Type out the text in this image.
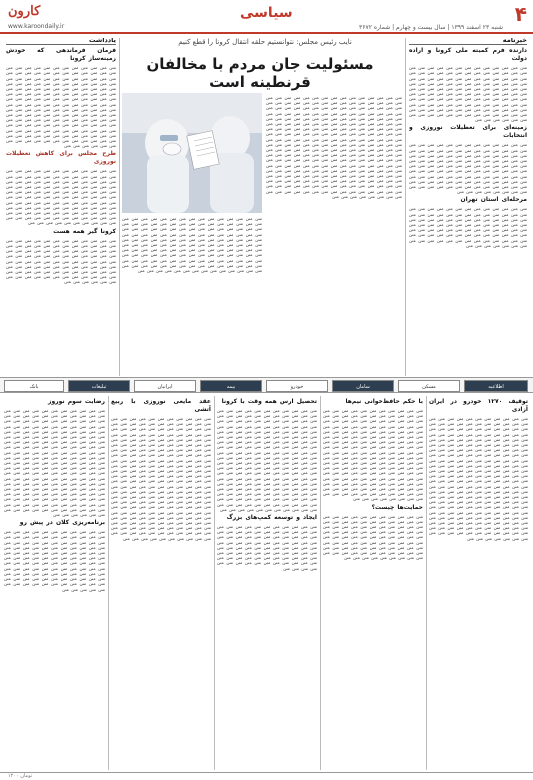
۴
سیاسی
کارون
www.karoondaily.ir	شنبه ۲۳ اسفند ۱۳۹۹ | سال بیست و چهارم | شماره ۳۶۷۲
یادداشت
فرمان فرماندهی که خودش زمینه‌ساز کرونا

متن متن متن متن متن متن متن متن متن متن متن متن متن متن متن متن متن متن متن متن متن متن متن متن متن متن متن متن متن متن متن متن متن متن متن متن متن متن متن متن متن متن متن متن متن متن متن متن متن متن متن متن متن متن متن متن متن متن متن متن متن متن متن متن متن متن متن متن متن متن متن متن متن متن متن متن متن متن متن متن متن متن متن متن متن متن متن متن متن متن متن متن متن متن متن متن متن متن متن متن متن متن متن متن متن متن متن متن متن متن متن متن متن متن متن متن متن متن متن متن متن متن متن متن متن متن متن متن متن متن متن متن متن متن متن متن متن متن متن متن متن متن متن متن متن متن متن متن متن متن متن متن متن متن متن متن متن متن متن متن متن متن متن متن متن متن متن متن متن متن متن متن متن متن متن متن متن متن متن متن متن متن متن متن متن متن

طرح مجلس برای کاهش تعطیلات نوروزی

متن متن متن متن متن متن متن متن متن متن متن متن متن متن متن متن متن متن متن متن متن متن متن متن متن متن متن متن متن متن متن متن متن متن متن متن متن متن متن متن متن متن متن متن متن متن متن متن متن متن متن متن متن متن متن متن متن متن متن متن متن متن متن متن متن متن متن متن متن متن متن متن متن متن متن متن متن متن متن متن متن متن متن متن متن متن متن متن متن متن متن متن متن متن متن متن متن متن متن متن متن متن متن متن متن متن متن متن متن متن متن متن متن متن متن متن متن متن متن متن متن متن متن متن متن متن متن متن متن متن

کرونا گیر همه هست

متن متن متن متن متن متن متن متن متن متن متن متن متن متن متن متن متن متن متن متن متن متن متن متن متن متن متن متن متن متن متن متن متن متن متن متن متن متن متن متن متن متن متن متن متن متن متن متن متن متن متن متن متن متن متن متن متن متن متن متن متن متن متن متن متن متن متن متن متن متن متن متن متن متن متن متن متن متن متن متن متن متن متن متن متن متن متن متن متن متن متن متن متن متن متن متن متن متن متن متن متن متن

خبرنامه
دارنده فرم کمیته ملی کرونا و اراده دولت

متن متن متن متن متن متن متن متن متن متن متن متن متن متن متن متن متن متن متن متن متن متن متن متن متن متن متن متن متن متن متن متن متن متن متن متن متن متن متن متن متن متن متن متن متن متن متن متن متن متن متن متن متن متن متن متن متن متن متن متن متن متن متن متن متن متن متن متن متن متن متن متن متن متن متن متن متن متن متن متن متن متن متن متن متن متن متن متن متن متن متن متن متن متن متن متن متن متن متن متن متن متن متن متن متن متن متن متن متن متن متن متن متن متن متن متن متن متن متن متن متن متن متن متن متن متن متن متن متن متن متن متن متن متن متن متن

زمینه‌ای برای تعطیلات نوروزی و انتخابات

متن متن متن متن متن متن متن متن متن متن متن متن متن متن متن متن متن متن متن متن متن متن متن متن متن متن متن متن متن متن متن متن متن متن متن متن متن متن متن متن متن متن متن متن متن متن متن متن متن متن متن متن متن متن متن متن متن متن متن متن متن متن متن متن متن متن متن متن متن متن متن متن متن متن متن متن متن متن متن متن متن متن متن متن متن متن متن متن متن متن متن متن متن متن متن متن متن متن متن متن متن متن متن متن متن متن متن متن متن متن متن متن متن متن متن متن متن متن متن متن متن متن متن متن متن

مرحله‌ای استان تهران

متن متن متن متن متن متن متن متن متن متن متن متن متن متن متن متن متن متن متن متن متن متن متن متن متن متن متن متن متن متن متن متن متن متن متن متن متن متن متن متن متن متن متن متن متن متن متن متن متن متن متن متن متن متن متن متن متن متن متن متن متن متن متن متن متن متن متن متن متن متن متن متن متن متن متن متن متن متن متن متن متن متن متن متن متن متن متن متن متن متن متن متن متن متن متن متن متن متن

نایب رئیس مجلس: نتوانستیم حلقه انتقال کرونا را قطع کنیم
مسئولیت جان مردم با مخالفان قرنطینه است

متن متن متن متن متن متن متن متن متن متن متن متن متن متن متن متن متن متن متن متن متن متن متن متن متن متن متن متن متن متن متن متن متن متن متن متن متن متن متن متن متن متن متن متن متن متن متن متن متن متن متن متن متن متن متن متن متن متن متن متن متن متن متن متن متن متن متن متن متن متن متن متن متن متن متن متن متن متن متن متن متن متن متن متن متن متن متن متن متن متن متن متن متن متن متن متن متن متن متن متن متن متن متن متن متن متن متن متن متن متن متن متن متن متن متن متن متن متن متن متن متن متن متن متن متن متن متن متن متن متن متن متن متن متن متن متن متن متن متن متن متن متن متن متن متن متن متن متن متن متن متن متن متن متن متن متن متن متن متن متن متن متن متن متن متن متن متن متن متن متن متن متن متن متن متن متن متن متن متن متن متن متن متن متن متن متن متن متن متن متن متن متن متن متن متن متن متن متن متن متن متن متن متن متن متن متن متن متن متن متن متن متن متن متن متن متن متن متن متن متن متن متن متن متن متن متن متن متن متن متن متن متن متن متن متن متن متن متن متن متن متن متن متن متن متن متن متن متن متن متن متن متن متن متن متن متن متن متن متن متن متن متن متن متن متن متن متن متن متن متن متن متن متن متن متن متن متن متن متن متن متن متن متن متن متن متن متن متن متن متن متن متن متن

متن متن متن متن متن متن متن متن متن متن متن متن متن متن متن متن متن متن متن متن متن متن متن متن متن متن متن متن متن متن متن متن متن متن متن متن متن متن متن متن متن متن متن متن متن متن متن متن متن متن متن متن متن متن متن متن متن متن متن متن متن متن متن متن متن متن متن متن متن متن متن متن متن متن متن متن متن متن متن متن متن متن متن متن متن متن متن متن متن متن متن متن متن متن متن متن متن متن متن متن متن متن متن متن متن متن متن متن متن متن متن متن متن متن متن متن متن متن متن متن متن متن متن متن متن متن متن متن متن متن متن متن متن متن متن متن متن متن متن متن متن متن متن متن متن متن متن متن متن متن متن متن متن متن متن متن متن متن متن متن متن متن متن متن

بانک	تبلیغات	ایرانیان	بیمه	خودرو	سامان	مسکن	اطلاعیه
رضایت سوم نوروز

متن متن متن متن متن متن متن متن متن متن متن متن متن متن متن متن متن متن متن متن متن متن متن متن متن متن متن متن متن متن متن متن متن متن متن متن متن متن متن متن متن متن متن متن متن متن متن متن متن متن متن متن متن متن متن متن متن متن متن متن متن متن متن متن متن متن متن متن متن متن متن متن متن متن متن متن متن متن متن متن متن متن متن متن متن متن متن متن متن متن متن متن متن متن متن متن متن متن متن متن متن متن متن متن متن متن متن متن متن متن متن متن متن متن متن متن متن متن متن متن متن متن متن متن متن متن متن متن متن متن متن متن متن متن متن متن متن متن متن متن متن متن متن متن متن متن متن متن متن متن متن متن متن متن متن متن متن متن متن متن متن متن متن متن متن متن متن متن متن متن متن متن متن متن متن متن متن متن متن متن متن متن متن متن متن متن متن متن متن متن متن متن متن متن متن متن متن متن متن متن متن متن متن متن متن متن متن متن متن متن متن متن متن متن متن متن متن متن متن متن متن متن متن متن متن متن

برنامه‌ریزی کلان در پیش رو

متن متن متن متن متن متن متن متن متن متن متن متن متن متن متن متن متن متن متن متن متن متن متن متن متن متن متن متن متن متن متن متن متن متن متن متن متن متن متن متن متن متن متن متن متن متن متن متن متن متن متن متن متن متن متن متن متن متن متن متن متن متن متن متن متن متن متن متن متن متن متن متن متن متن متن متن متن متن متن متن متن متن متن متن متن متن متن متن متن متن متن متن متن متن متن متن متن متن متن متن متن متن متن متن متن متن متن متن متن متن متن متن متن متن متن متن متن متن متن متن متن متن متن متن متن متن

عقد مایعی نوروزی با ربیع آتشی

متن متن متن متن متن متن متن متن متن متن متن متن متن متن متن متن متن متن متن متن متن متن متن متن متن متن متن متن متن متن متن متن متن متن متن متن متن متن متن متن متن متن متن متن متن متن متن متن متن متن متن متن متن متن متن متن متن متن متن متن متن متن متن متن متن متن متن متن متن متن متن متن متن متن متن متن متن متن متن متن متن متن متن متن متن متن متن متن متن متن متن متن متن متن متن متن متن متن متن متن متن متن متن متن متن متن متن متن متن متن متن متن متن متن متن متن متن متن متن متن متن متن متن متن متن متن متن متن متن متن متن متن متن متن متن متن متن متن متن متن متن متن متن متن متن متن متن متن متن متن متن متن متن متن متن متن متن متن متن متن متن متن متن متن متن متن متن متن متن متن متن متن متن متن متن متن متن متن متن متن متن متن متن متن متن متن متن متن متن متن متن متن متن متن متن متن متن متن متن متن متن متن متن متن متن متن متن متن متن متن متن متن متن متن متن متن متن متن متن متن متن متن متن متن متن متن متن متن متن متن متن متن متن متن متن متن متن متن متن متن متن متن متن متن متن متن متن متن متن متن متن متن متن متن متن متن متن متن متن متن متن متن متن

تحصیل ارس همه وقت با کرونا

متن متن متن متن متن متن متن متن متن متن متن متن متن متن متن متن متن متن متن متن متن متن متن متن متن متن متن متن متن متن متن متن متن متن متن متن متن متن متن متن متن متن متن متن متن متن متن متن متن متن متن متن متن متن متن متن متن متن متن متن متن متن متن متن متن متن متن متن متن متن متن متن متن متن متن متن متن متن متن متن متن متن متن متن متن متن متن متن متن متن متن متن متن متن متن متن متن متن متن متن متن متن متن متن متن متن متن متن متن متن متن متن متن متن متن متن متن متن متن متن متن متن متن متن متن متن متن متن متن متن متن متن متن متن متن متن متن متن متن متن متن متن متن متن متن متن متن متن متن متن متن متن متن متن متن متن متن متن متن متن متن متن متن متن متن متن متن متن متن متن متن متن متن متن متن متن متن متن متن متن متن متن متن متن متن متن متن متن متن متن متن متن متن متن متن متن متن متن متن متن متن متن متن متن متن متن متن متن متن متن متن متن متن متن متن متن متن متن متن متن

ایجاد و توسعه کمپ‌های بزرگ

متن متن متن متن متن متن متن متن متن متن متن متن متن متن متن متن متن متن متن متن متن متن متن متن متن متن متن متن متن متن متن متن متن متن متن متن متن متن متن متن متن متن متن متن متن متن متن متن متن متن متن متن متن متن متن متن متن متن متن متن متن متن متن متن متن متن متن متن متن متن متن متن متن متن متن متن متن متن متن متن متن متن متن متن متن متن متن متن متن متن متن متن

با حکم حافظ‌خوانی نیم‌ها

متن متن متن متن متن متن متن متن متن متن متن متن متن متن متن متن متن متن متن متن متن متن متن متن متن متن متن متن متن متن متن متن متن متن متن متن متن متن متن متن متن متن متن متن متن متن متن متن متن متن متن متن متن متن متن متن متن متن متن متن متن متن متن متن متن متن متن متن متن متن متن متن متن متن متن متن متن متن متن متن متن متن متن متن متن متن متن متن متن متن متن متن متن متن متن متن متن متن متن متن متن متن متن متن متن متن متن متن متن متن متن متن متن متن متن متن متن متن متن متن متن متن متن متن متن متن متن متن متن متن متن متن متن متن متن متن متن متن متن متن متن متن متن متن متن متن متن متن متن متن متن متن متن متن متن متن متن متن متن متن متن متن متن متن متن متن متن متن متن متن متن متن متن متن متن متن متن متن متن متن متن متن متن متن متن متن متن متن متن متن متن متن متن متن متن

حمایت‌ها چیست؟

متن متن متن متن متن متن متن متن متن متن متن متن متن متن متن متن متن متن متن متن متن متن متن متن متن متن متن متن متن متن متن متن متن متن متن متن متن متن متن متن متن متن متن متن متن متن متن متن متن متن متن متن متن متن متن متن متن متن متن متن متن متن متن متن متن متن متن متن متن متن متن متن متن متن متن متن متن متن متن متن متن متن متن متن متن متن متن متن متن متن متن متن متن متن متن متن متن

توقیف ۱۲۷۰ خودرو در ایران آزادی

متن متن متن متن متن متن متن متن متن متن متن متن متن متن متن متن متن متن متن متن متن متن متن متن متن متن متن متن متن متن متن متن متن متن متن متن متن متن متن متن متن متن متن متن متن متن متن متن متن متن متن متن متن متن متن متن متن متن متن متن متن متن متن متن متن متن متن متن متن متن متن متن متن متن متن متن متن متن متن متن متن متن متن متن متن متن متن متن متن متن متن متن متن متن متن متن متن متن متن متن متن متن متن متن متن متن متن متن متن متن متن متن متن متن متن متن متن متن متن متن متن متن متن متن متن متن متن متن متن متن متن متن متن متن متن متن متن متن متن متن متن متن متن متن متن متن متن متن متن متن متن متن متن متن متن متن متن متن متن متن متن متن متن متن متن متن متن متن متن متن متن متن متن متن متن متن متن متن متن متن متن متن متن متن متن متن متن متن متن متن متن متن متن متن متن متن متن متن متن متن متن متن متن متن متن متن متن متن متن متن متن متن متن متن متن متن متن متن متن متن متن متن متن متن متن متن متن متن متن متن متن متن متن متن متن متن متن متن متن متن متن متن متن متن متن متن متن متن متن متن متن متن متن متن متن متن متن متن متن متن

۱۲۰۰ تومان
